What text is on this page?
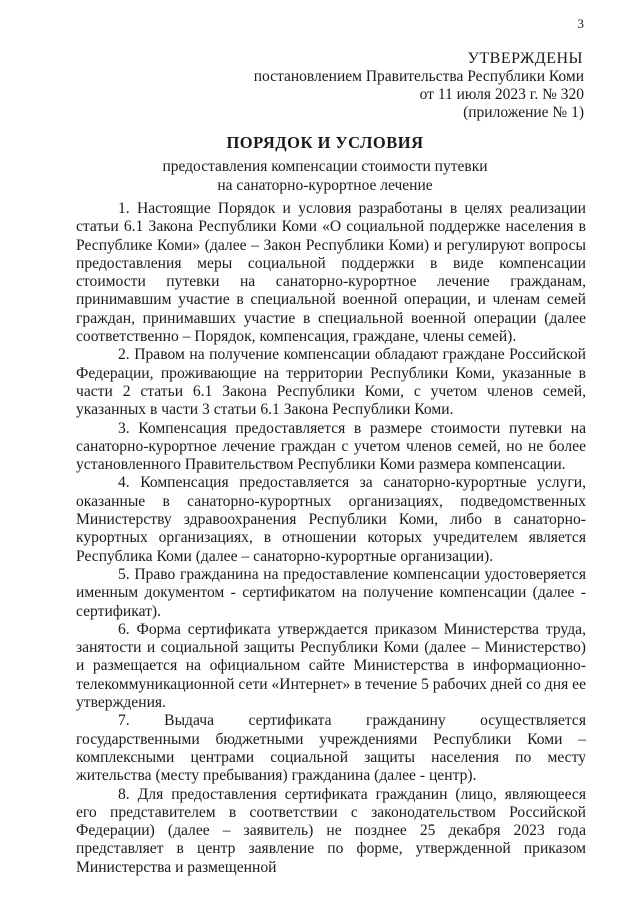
3
УТВЕРЖДЕНЫ
постановлением Правительства Республики Коми
от 11 июля 2023 г. № 320
(приложение № 1)
ПОРЯДОК И УСЛОВИЯ
предоставления компенсации стоимости путевки
на санаторно-курортное лечение

1. Настоящие Порядок и условия разработаны в целях реализации статьи 6.1 Закона Республики Коми «О социальной поддержке населения в Республике Коми» (далее – Закон Республики Коми) и регулируют вопросы предоставления меры социальной поддержки в виде компенсации стоимости путевки на санаторно-курортное лечение гражданам, принимавшим участие в специальной военной операции, и членам семей граждан, принимавших участие в специальной военной операции (далее соответственно – Порядок, компенсация, граждане, члены семей).

2. Правом на получение компенсации обладают граждане Российской Федерации, проживающие на территории Республики Коми, указанные в части 2 статьи 6.1 Закона Республики Коми, с учетом членов семей, указанных в части 3 статьи 6.1 Закона Республики Коми.

3. Компенсация предоставляется в размере стоимости путевки на санаторно-курортное лечение граждан с учетом членов семей, но не более установленного Правительством Республики Коми размера компенсации.

4. Компенсация предоставляется за санаторно-курортные услуги, оказанные в санаторно-курортных организациях, подведомственных Министерству здравоохранения Республики Коми, либо в санаторно-курортных организациях, в отношении которых учредителем является Республика Коми (далее – санаторно-курортные организации).

5. Право гражданина на предоставление компенсации удостоверяется именным документом - сертификатом на получение компенсации (далее - сертификат).

6. Форма сертификата утверждается приказом Министерства труда, занятости и социальной защиты Республики Коми (далее – Министерство) и размещается на официальном сайте Министерства в информационно-телекоммуникационной сети «Интернет» в течение 5 рабочих дней со дня ее утверждения.

7. Выдача сертификата гражданину осуществляется государственными бюджетными учреждениями Республики Коми – комплексными центрами социальной защиты населения по месту жительства (месту пребывания) гражданина (далее - центр).

8. Для предоставления сертификата гражданин (лицо, являющееся его представителем в соответствии с законодательством Российской Федерации) (далее – заявитель) не позднее 25 декабря 2023 года представляет в центр заявление по форме, утвержденной приказом Министерства и размещенной
